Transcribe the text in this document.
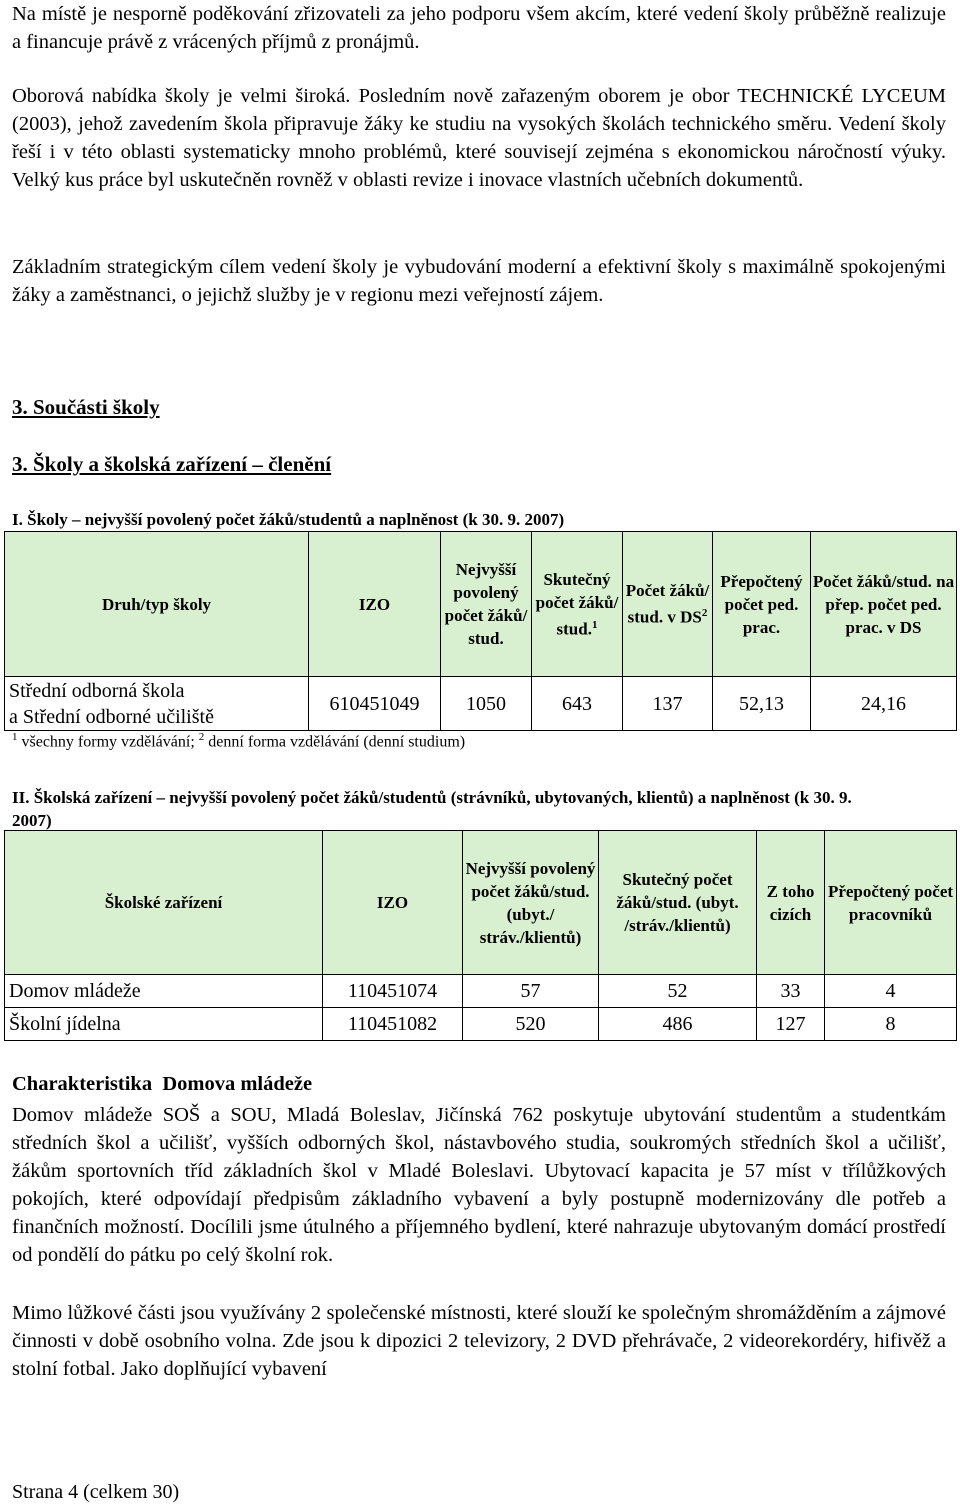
Na místě je nesporně poděkování zřizovateli za jeho podporu všem akcím, které vedení školy průběžně realizuje a financuje právě z vrácených příjmů z pronájmů.

Oborová nabídka školy je velmi široká. Posledním nově zařazeným oborem je obor TECHNICKÉ LYCEUM (2003), jehož zavedením škola připravuje žáky ke studiu na vysokých školách technického směru. Vedení školy řeší i v této oblasti systematicky mnoho problémů, které souvisejí zejména s ekonomickou náročností výuky. Velký kus práce byl uskutečněn rovněž v oblasti revize i inovace vlastních učebních dokumentů.

Základním strategickým cílem vedení školy je vybudování moderní a efektivní školy s maximálně spokojenými žáky a zaměstnanci, o jejichž služby je v regionu mezi veřejností zájem.

3. Součásti školy
3. Školy a školská zařízení – členění
I. Školy – nejvyšší povolený počet žáků/studentů a naplněnost (k 30. 9. 2007)
Druh/typ školy	IZO	Nejvyšší povolený počet žáků/ stud.	Skutečný počet žáků/ stud.$^1$	Počet žáků/ stud. v $DS^2$	Přepočtený počet ped. prac.	Počet žáků/stud. na přep. počet ped. prac. v DS

Střední odborná škola
a Střední odborné učiliště	610451049	1050	643	137	52,13	24,16
$^1$ všechny formy vzdělávání; $^2$ denní forma vzdělávání (denní studium)
II. Školská zařízení – nejvyšší povolený počet žáků/studentů (strávníků, ubytovaných, klientů) a naplněnost (k 30. 9. 2007)
Školské zařízení	IZO	Nejvyšší povolený počet žáků/stud. (ubyt./ stráv./klientů)	Skutečný počet žáků/stud. (ubyt. /stráv./klientů)	Z toho cizích	Přepočtený počet pracovníků
Domov mládeže	110451074	57	52	33	4
Školní jídelna	110451082	520	486	127	8
Charakteristika  Domova mládeže

Domov mládeže SOŠ a SOU, Mladá Boleslav, Jičínská 762 poskytuje ubytování studentům a studentkám středních škol a učilišť, vyšších odborných škol, nástavbového studia, soukromých středních škol a učilišť, žákům sportovních tříd základních škol v Mladé Boleslavi. Ubytovací kapacita je 57 míst v třílůžkových pokojích, které odpovídají předpisům základního vybavení a byly postupně modernizovány dle potřeb a finančních možností. Docílili jsme útulného a příjemného bydlení, které nahrazuje ubytovaným domácí prostředí od pondělí do pátku po celý školní rok.

Mimo lůžkové části jsou využívány 2 společenské místnosti, které slouží ke společným shromážděním a zájmové činnosti v době osobního volna. Zde jsou k dipozici 2 televizory, 2 DVD přehrávače, 2 videorekordéry, hifivěž a stolní fotbal. Jako doplňující vybavení

Strana 4 (celkem 30)
